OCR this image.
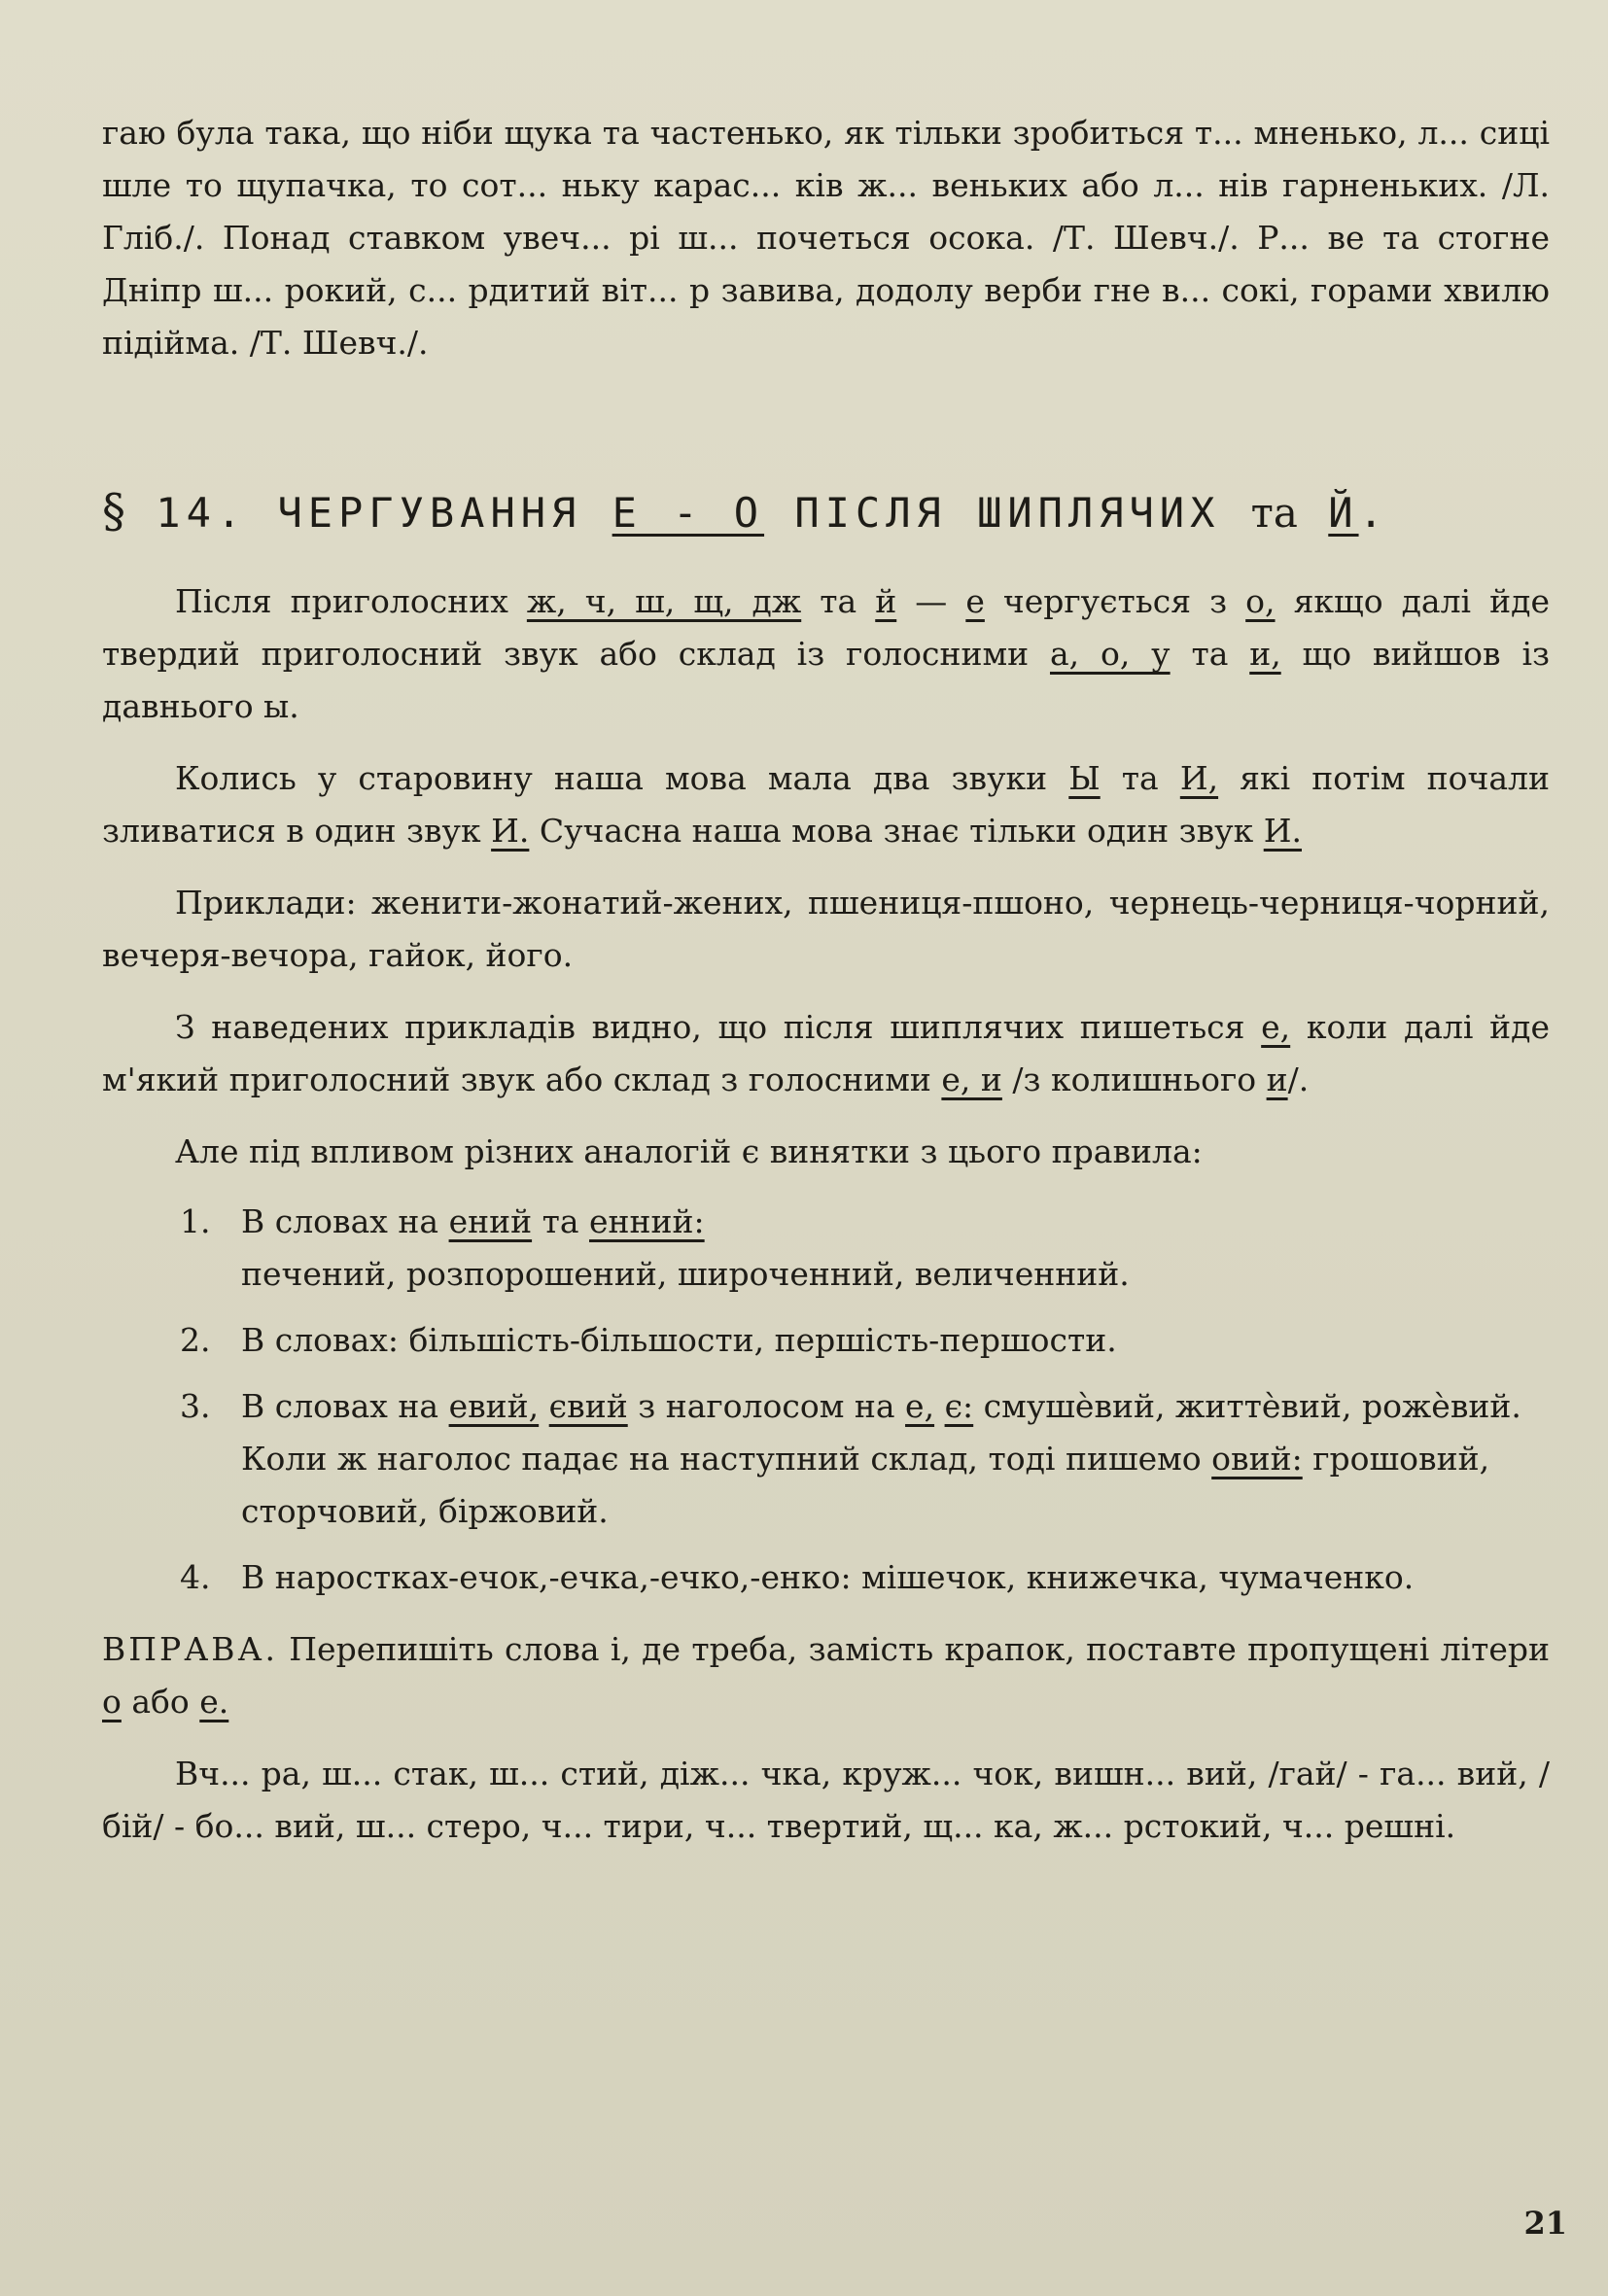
гаю була така, що ніби щука та частенько, як тільки зробиться т... мненько, л... сиці шле то щупачка, то сот... ньку карас... ків ж... веньких або л... нів гарненьких. /Л. Гліб./. Понад ставком увеч... рі ш... почеться осока. /Т. Шевч./. Р... ве та стогне Дніпр ш... рокий, с... рдитий віт... р завива, додолу верби гне в... сокі, горами хвилю підійма. /Т. Шевч./.

§ 14. ЧЕРГУВАННЯ Е - О ПІСЛЯ ШИПЛЯЧИХ та Й.

Після приголосних ж, ч, ш, щ, дж та й — е чергується з о, якщо далі йде твердий приголосний звук або склад із голосними а, о, у та и, що вийшов із давнього ы.

Колись у старовину наша мова мала два звуки Ы та И, які потім почали зливатися в один звук И. Сучасна наша мова знає тільки один звук И.

Приклади: женити-жонатий-жених, пшениця-пшоно, чернець-черниця-чорний, вечеря-вечора, гайок, його.

З наведених прикладів видно, що після шиплячих пишеться е, коли далі йде м'який приголосний звук або склад з голосними е, и /з колишнього и/.

Але під впливом різних аналогій є винятки з цього правила:

1. В словах на ений та енний:
печений, розпорошений, широченний, величенний.
2. В словах: більшість-більшости, першість-першости.
3. В словах на евий, євий з наголосом на е, є: смушèвий, життèвий, рожèвий.
Коли ж наголос падає на наступний склад, тоді пишемо овий: грошовий, сторчовий, біржовий.
4. В наростках-ечок,-ечка,-ечко,-енко: мішечок, книжечка, чумаченко.

ВПРАВА. Перепишіть слова і, де треба, замість крапок, поставте пропущені літери о або е.

Вч... ра, ш... стак, ш... стий, діж... чка, круж... чок, вишн... вий, /гай/ - га... вий, /бій/ - бо... вий, ш... стеро, ч... тири, ч... твертий, щ... ка, ж... рстокий, ч... решні.

21
